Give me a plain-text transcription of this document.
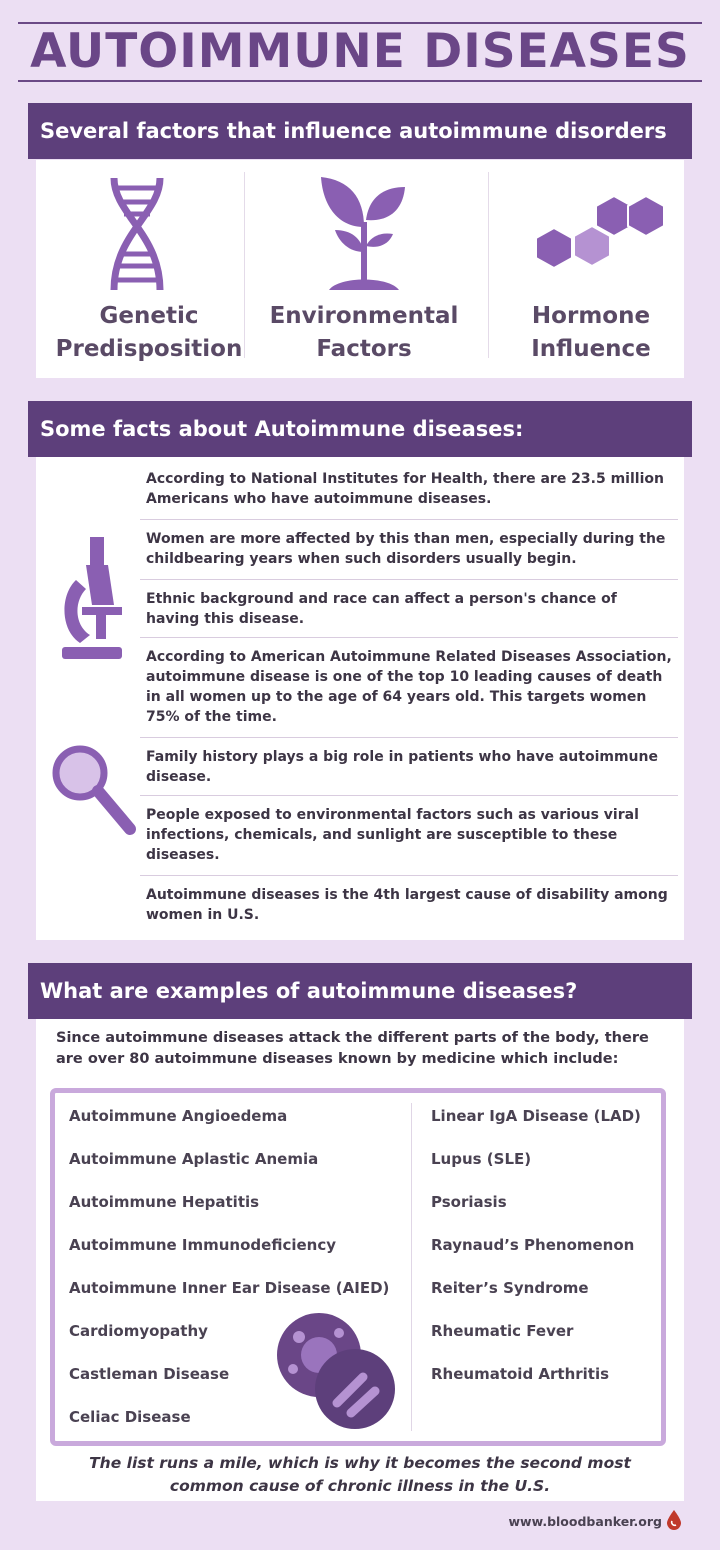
AUTOIMMUNE DISEASES
Several factors that influence autoimmune disorders
Genetic
Predisposition
Environmental
Factors
Hormone
Influence
Some facts about Autoimmune diseases:
According to National Institutes for Health, there are 23.5 million Americans who have autoimmune diseases.
Women are more affected by this than men, especially during the childbearing years when such disorders usually begin.
Ethnic background and race can affect a person's chance of having this disease.
According to American Autoimmune Related Diseases Association, autoimmune disease is one of the top 10 leading causes of death in all women up to the age of 64 years old. This targets women 75% of the time.
Family history plays a big role in patients who have autoimmune disease.
People exposed to environmental factors such as various viral infections, chemicals, and sunlight are susceptible to these diseases.
Autoimmune diseases is the 4th largest cause of disability among women in U.S.
What are examples of autoimmune diseases?
Since autoimmune diseases attack the different parts of the body, there are over 80 autoimmune diseases known by medicine which include:
Autoimmune Angioedema
Autoimmune Aplastic Anemia
Autoimmune Hepatitis
Autoimmune Immunodeficiency
Autoimmune Inner Ear Disease (AIED)
Cardiomyopathy
Castleman Disease
Celiac Disease
Linear IgA Disease (LAD)
Lupus (SLE)
Psoriasis
Raynaud’s Phenomenon
Reiter’s Syndrome
Rheumatic Fever
Rheumatoid Arthritis
The list runs a mile, which is why it becomes the second most common cause of chronic illness in the U.S.
www.bloodbanker.org
